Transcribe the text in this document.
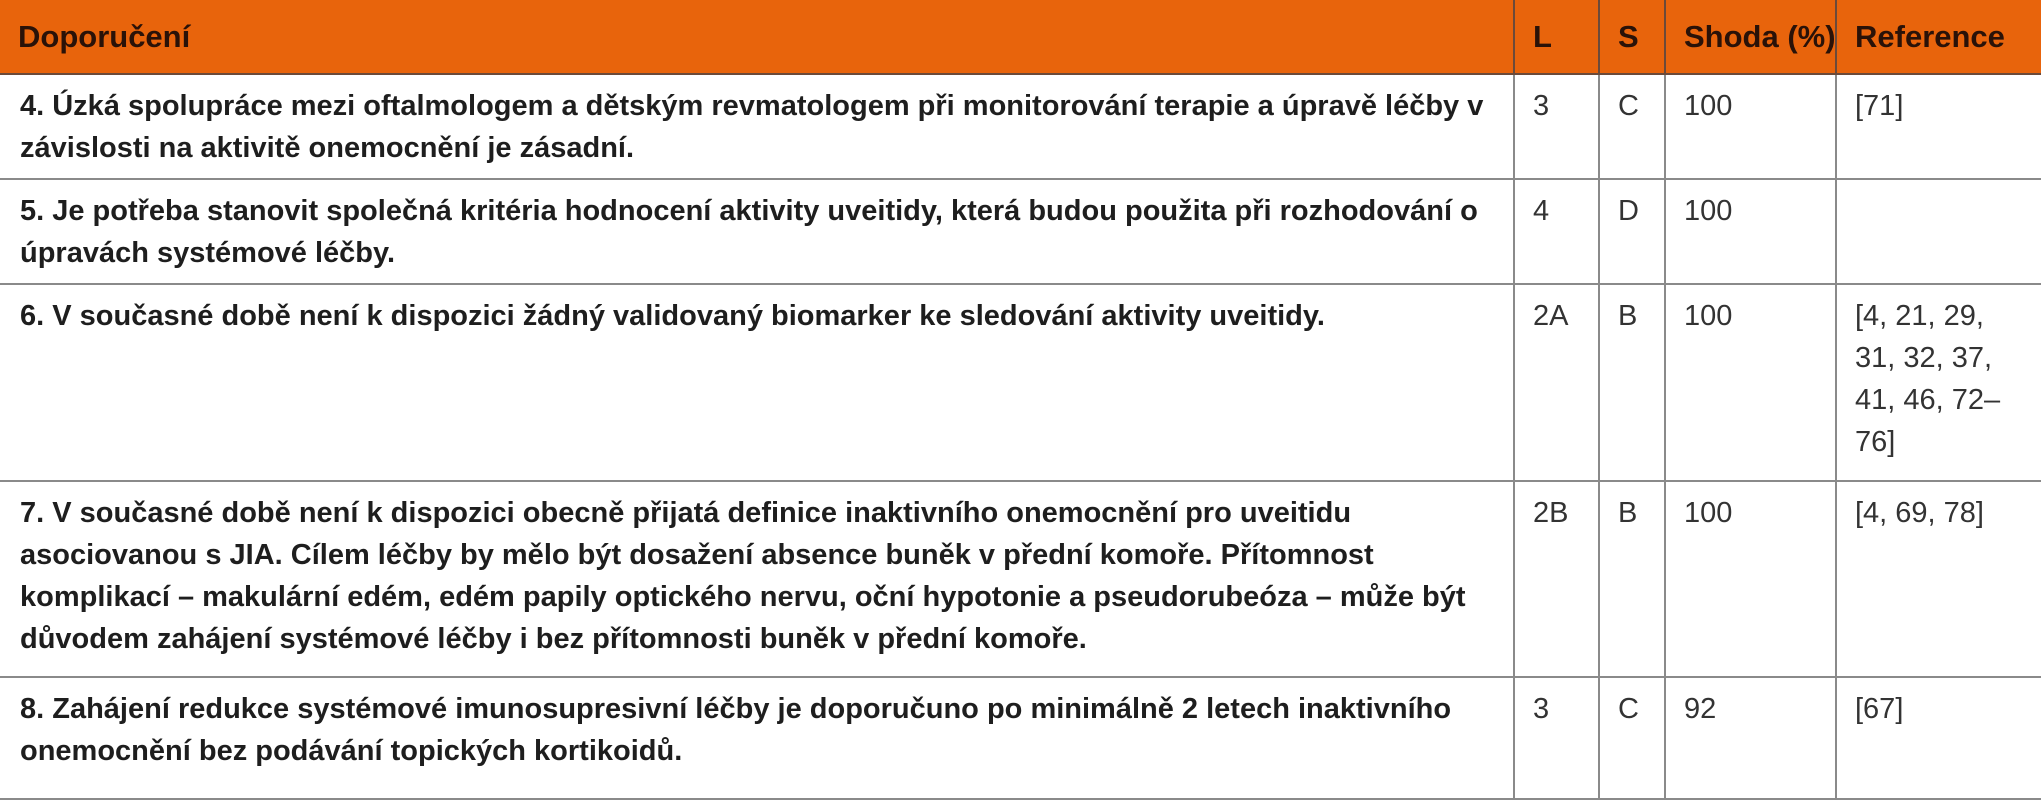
Doporučení	L	S	Shoda (%)	Reference
4. Úzká spolupráce mezi oftalmologem a dětským revmatologem při monitorování terapie a úpravě léčby v závislosti na aktivitě onemocnění je zásadní.	3	C	100	[71]
5. Je potřeba stanovit společná kritéria hodnocení aktivity uveitidy, která budou použita při rozhodování o úpravách systémové léčby.	4	D	100	
6. V současné době není k dispozici žádný validovaný biomarker ke sledování aktivity uveitidy.	2A	B	100	[4, 21, 29, 31, 32, 37, 41, 46, 72–76]
7. V současné době není k dispozici obecně přijatá definice inaktivního onemocnění pro uveitidu asociovanou s JIA. Cílem léčby by mělo být dosažení absence buněk v přední komoře. Přítomnost komplikací – makulární edém, edém papily optického nervu, oční hypotonie a pseudorubeóza – může být důvodem zahájení systémové léčby i bez přítomnosti buněk v přední komoře.	2B	B	100	[4, 69, 78]
8. Zahájení redukce systémové imunosupresivní léčby je doporučuno po minimálně 2 letech inaktivního onemocnění bez podávání topických kortikoidů.	3	C	92	[67]
